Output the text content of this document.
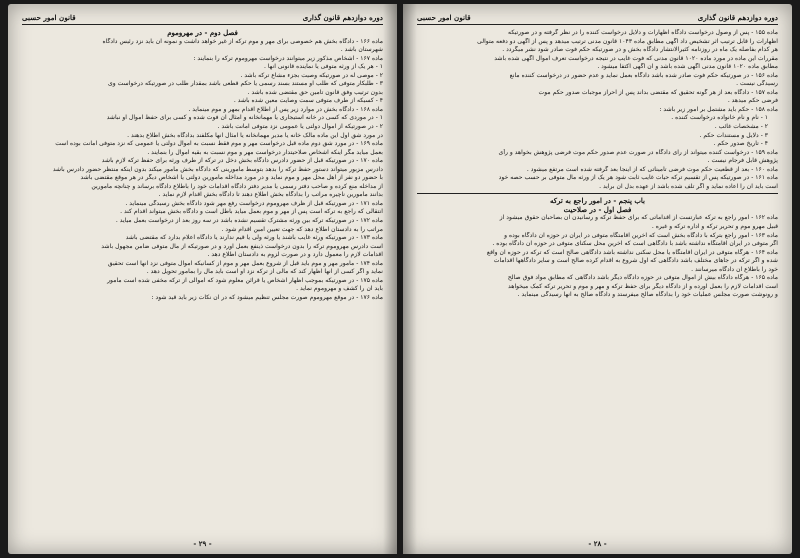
دوره دوازدهم قانون گذاری
قانون امور حسبی
فصل دوم - در مهروموم
ماده ۱۶۶ - دادگاه بخش هم خصوصی برای مهر و موم ترکه از غیر خواهد داشت و نمونه آن باید نزد رئیس دادگاه
شهرستان باشد .
ماده ۱۶۷ - اشخاص مذکور زیر میتوانند درخواست مهروموم ترکه را بنمایند :
۱ - هر یک از ورثه متوفی یا نماینده قانونی آنها .
۲ - موصی له در صورتیکه وصیت بجزء مشاع ترکه باشد .
۳ - طلبکار متوفی که طلب او مستند بسند رسمی یا حکم قطعی باشد بمقدار طلب در صورتیکه درخواست وی
بدون ترتیب وفق قانون تأمین حق مقتضی شده باشد .
۴ - کسیکه از طرف متوفی سمت وصایت معین شده باشد .
ماده ۱۶۸ - دادگاه بخش در موارد زیر پس از اطلاع اقدام بمهر و موم مینماید .
۱ - در موردی که کسی در خانه استیجاری یا مهمانخانه و امثال آن فوت شده و کسی برای حفظ اموال او نباشد
۲ - در صورتیکه از اموال دولتی یا عمومی نزد متوفی امانت باشد .
در مورد شق اول این ماده مالک خانه یا مدیر مهمانخانه یا امثال آنها مکلفند بدادگاه بخش اطلاع بدهند .
ماده ۱۶۹ - در مورد شق دوم ماده قبل درخواست مهر و موم فقط نسبت به اموال دولتی یا عمومی که نزد متوفی امانت بوده است
بعمل میاید مگر اینکه اشخاص صلاحیتدار درخواست مهر و موم نسبت به بقیه اموال را بنمایند .
ماده ۱۷۰ - در صورتیکه قبل از حضور دادرس دادگاه بخش دخل در ترکه از طرف ورثه برای حفظ ترکه لازم باشد
دادرس مزبور میتواند دستور حفظ ترکه را بدهد بتوسط مأمورینی که دادگاه بخش مأمور میکند بدون اینکه منتظر حضور دادرس باشد
با حضور دو نفر از اهل محل مهر و موم نماید و در مورد مداخله مأمورین دولتی یا اشخاص دیگر در هر موقع مقتضی باشد
از مداخله منع کرده و صاحب دفتر رسمی یا مدیر دفتر دادگاه اقدامات خود را باطلاع دادگاه برساند و چنانچه مأمورین
بدانند مأمورین ناچیره مراتب را بدادگاه بخش اطلاع دهند تا دادگاه بخش اقدام لازم نماید .
ماده ۱۷۱ - در صورتیکه قبل از ظرف مهروموم درخواست رفع مهر شود دادگاه بخش رسیدگی مینماید .
انتقالی که راجع به ترکه است پس از مهر و موم بعمل میاید باطل است و دادگاه بخش میتواند اقدام کند .
ماده ۱۷۲ - در صورتیکه ترکه بین ورثه مشترک تقسیم نشده باشد در سه روز بعد از درخواست بعمل میآید .
مراتب را به دادستان اطلاع دهد که جهت تعیین امین اقدام شود .
ماده ۱۷۳ - در صورتیکه ورثه غایب باشند یا ورثه ولی یا قیم ندارند یا دادگاه اعلام بدارد که مقتضی باشد
است دادرس مهروموم ترکه را بدون درخواست ذینفع بعمل آورد و در صورتیکه از مال متوفی ضامن مجهول باشد
اقدامات لازم را معمول دارد و در صورت لزوم به دادستان اطلاع دهد .
ماده ۱۷۴ - مأمور مهر و موم باید قبل از شروع بعمل مهر و موم از کسانیکه اموال متوفی نزد آنها است تحقیق
نماید و اگر کسی از آنها اظهار کند که مالی از ترکه نزد او است باید مال را بمأمور تحویل دهد .
ماده ۱۷۵ - در صورتیکه بموجب اظهار اشخاص یا قرائن معلوم شود که اموالی از ترکه مخفی شده است مأمور
باید آن را کشف و مهروموم نماید .
ماده ۱۷۶ - در موقع مهروموم صورت مجلس تنظیم میشود که در آن نکات زیر باید قید شود :
- ۲۹ -
دوره دوازدهم قانون گذاری
قانون امور حسبی
ماده ۱۵۵ - پس از وصول درخواست دادگاه اظهارات و دلایل درخواست کننده را در نظر گرفته و در صورتیکه
اظهارات را قابل ترتیب اثر تشخیص داد آگهی مطابق ماده ۱۰۴۳ قانون مدنی ترتیب میدهد و پس از آگهی دو دفعه متوالی
هر کدام بفاصله یک ماه در روزنامه کثیرالانتشار دادگاه بخش و در صورتیکه حکم فوت صادر شود نشر میگردد .
مقررات این ماده در مورد ماده ۱۰۲۰ قانون مدنی که فوت غایب در نتیجه درخواست تعرف اموال آگهی شده باشد
مطابق ماده ۱۰۲۰ قانون مدنی آگهی شده باشد و آن آگهی اکتفا میشود .
ماده ۱۵۶ - در صورتیکه حکم فوت صادر شده باشد دادگاه بعمل نماید و عدم حضور در درخواست کننده مانع
رسیدگی نیست .
ماده ۱۵۷ - دادگاه بعد از هر گونه تحقیق که مقتضی بداند پس از احراز موجبات صدور حکم موت
فرضی حکم میدهد .
ماده ۱۵۸ - حکم باید مشتمل بر امور زیر باشد :
۱ - نام و نام خانواده درخواست کننده .
۲ - مشخصات غائب .
۳ - دلایل و مستندات حکم .
۴ - تاریخ صدور حکم .
ماده ۱۵۹ - درخواست کننده میتواند از رای دادگاه در صورت عدم صدور حکم موت فرضی پژوهش بخواهد و رأی
پژوهش قابل فرجام نیست .
ماده ۱۶۰ - بعد از قطعیت حکم موت فرضی تأمیناتی که از اینجا بعد گرفته شده است مرتفع میشود .
ماده ۱۶۱ - در صورتیکه پس از تقسیم ترکه حیات غایب ثابت شود هر یک از ورثه مال متوفی بر حسب حصه خود
است باید آن را اعاده نماید و اگر تلف شده باشد از عهده بدل آن برآید .
باب پنجم - در امور راجع به ترکه
فصل اول - در صلاحیت
ماده ۱۶۲ - امور راجع به ترکه عبارتست از اقداماتی که برای حفظ ترکه و رسانیدن آن بصاحبان حقوق میشود از
قبیل مهرو موم و تحریر ترکه و اداره ترکه و غیره .
ماده ۱۶۳ - امور راجع بترکه با دادگاه بخش است که آخرین اقامتگاه متوفی در ایران در حوزه آن دادگاه بوده و
اگر متوفی در ایران اقامتگاه نداشته باشد با دادگاهی است که آخرین محل سکنای متوفی در حوزه آن دادگاه بوده .
ماده ۱۶۴ - هرگاه متوفی در ایران اقامتگاه یا محل سکنی نداشته باشد دادگاهی صالح است که ترکه در حوزه آن واقع
شده و اگر ترکه در جاهای مختلف باشد دادگاهی که اول شروع به اقدام کرده صالح است و سایر دادگاهها اقدامات
خود را باطلاع آن دادگاه میرسانند .
ماده ۱۶۵ - هرگاه دادگاه بیش از اموال متوفی در حوزه دادگاه دیگر باشد دادگاهی که مطابق مواد فوق صالح
است اقدامات لازم را بعمل آورده و از دادگاه دیگر برای حفظ ترکه و مهر و موم و تحریر ترکه کمک میخواهد
و رونوشت صورت مجلس عملیات خود را بدادگاه صالح میفرستد و دادگاه صالح به آنها رسیدگی مینماید .
- ۲۸ -
